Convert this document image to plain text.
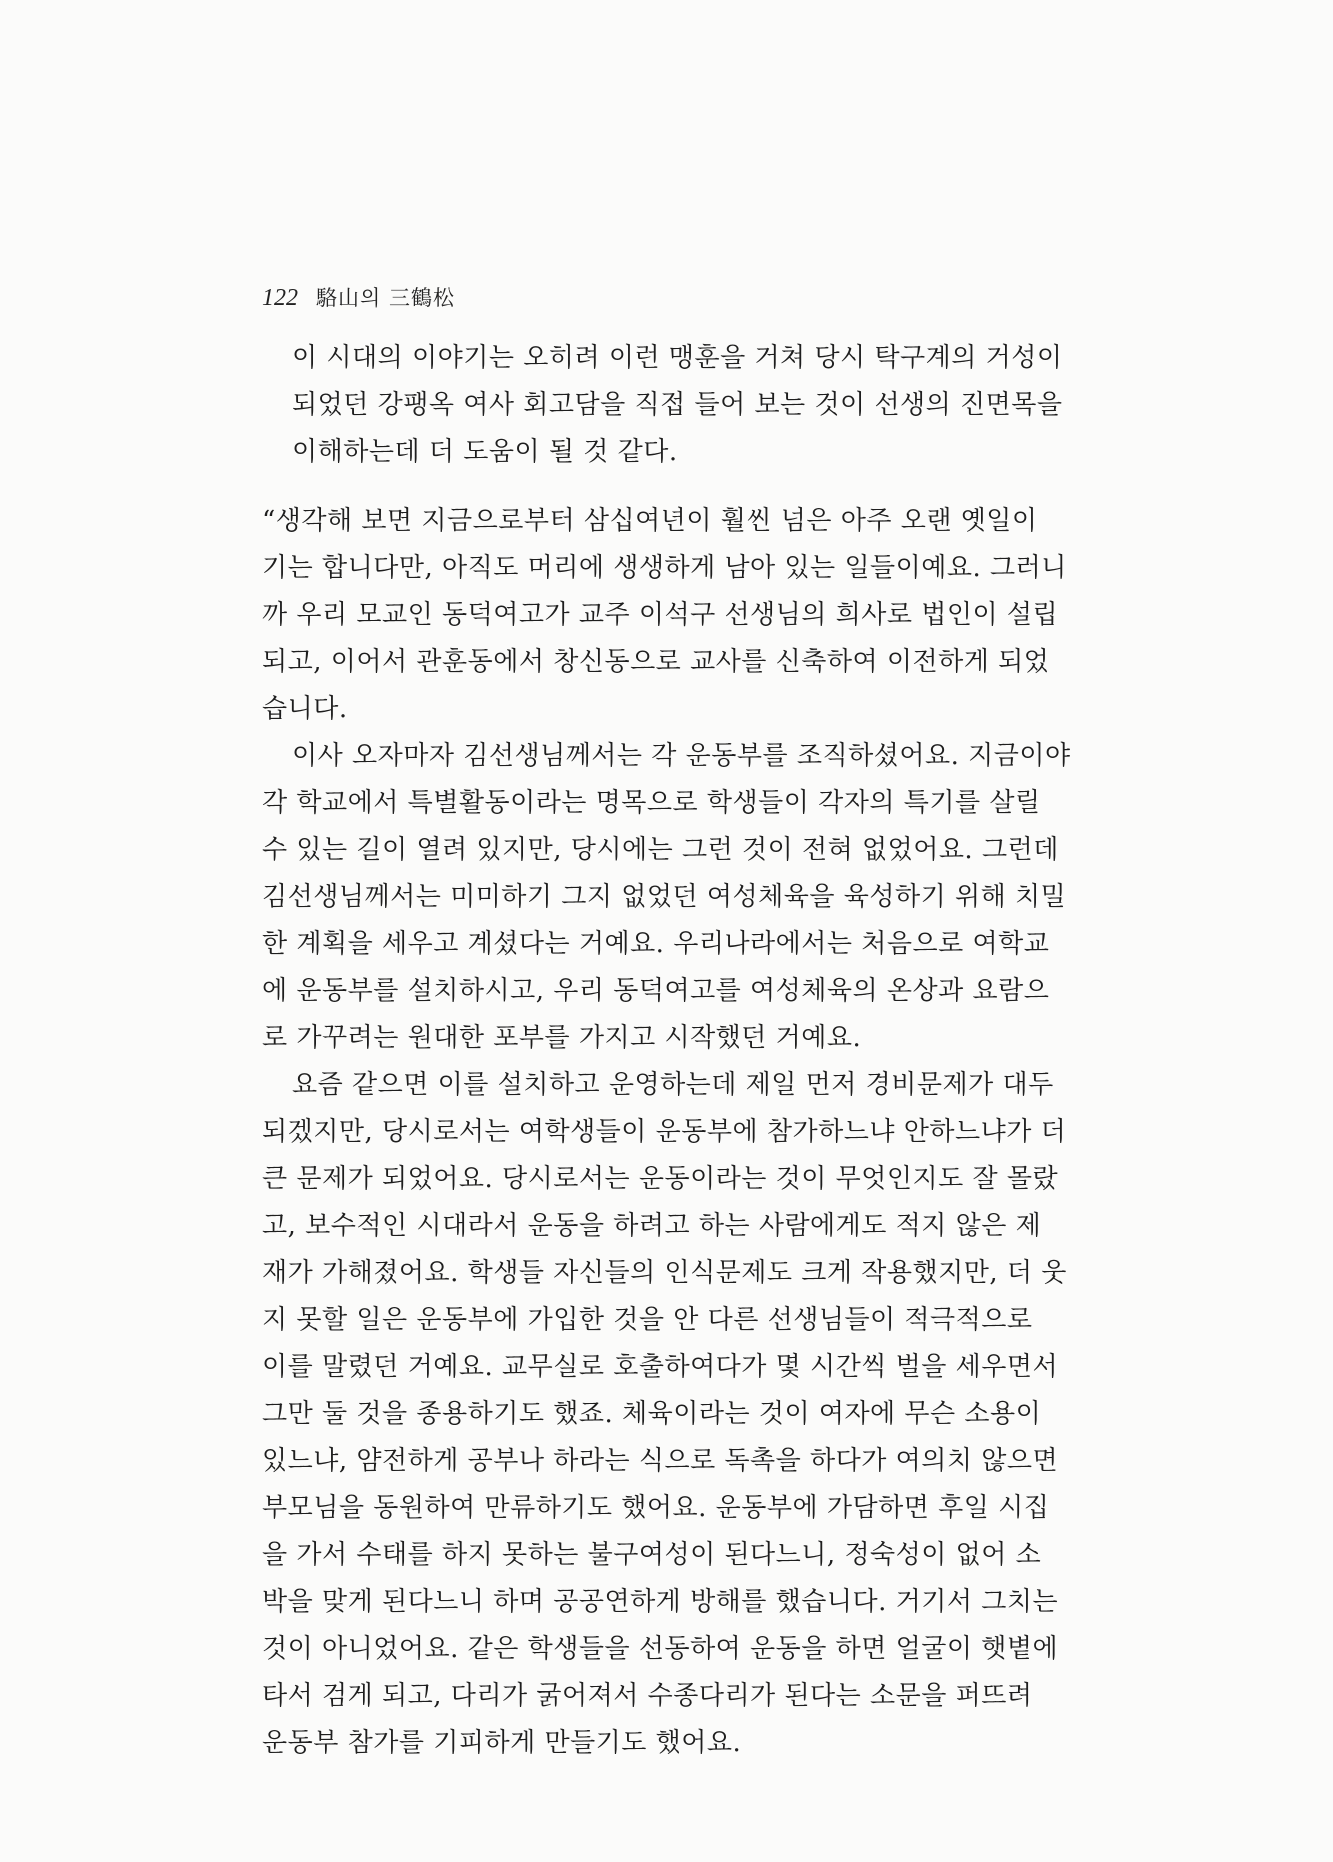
122 駱山의 三鶴松

이 시대의 이야기는 오히려 이런 맹훈을 거쳐 당시 탁구계의 거성이
되었던 강팽옥 여사 회고담을 직접 들어 보는 것이 선생의 진면목을
이해하는데 더 도움이 될 것 같다.

“생각해 보면 지금으로부터 삼십여년이 훨씬 넘은 아주 오랜 옛일이
기는 합니다만, 아직도 머리에 생생하게 남아 있는 일들이예요. 그러니
까 우리 모교인 동덕여고가 교주 이석구 선생님의 희사로 법인이 설립
되고, 이어서 관훈동에서 창신동으로 교사를 신축하여 이전하게 되었
습니다.

이사 오자마자 김선생님께서는 각 운동부를 조직하셨어요. 지금이야
각 학교에서 특별활동이라는 명목으로 학생들이 각자의 특기를 살릴
수 있는 길이 열려 있지만, 당시에는 그런 것이 전혀 없었어요. 그런데
김선생님께서는 미미하기 그지 없었던 여성체육을 육성하기 위해 치밀
한 계획을 세우고 계셨다는 거예요. 우리나라에서는 처음으로 여학교
에 운동부를 설치하시고, 우리 동덕여고를 여성체육의 온상과 요람으
로 가꾸려는 원대한 포부를 가지고 시작했던 거예요.

요즘 같으면 이를 설치하고 운영하는데 제일 먼저 경비문제가 대두
되겠지만, 당시로서는 여학생들이 운동부에 참가하느냐 안하느냐가 더
큰 문제가 되었어요. 당시로서는 운동이라는 것이 무엇인지도 잘 몰랐
고, 보수적인 시대라서 운동을 하려고 하는 사람에게도 적지 않은 제
재가 가해졌어요. 학생들 자신들의 인식문제도 크게 작용했지만, 더 웃
지 못할 일은 운동부에 가입한 것을 안 다른 선생님들이 적극적으로
이를 말렸던 거예요. 교무실로 호출하여다가 몇 시간씩 벌을 세우면서
그만 둘 것을 종용하기도 했죠. 체육이라는 것이 여자에 무슨 소용이
있느냐, 얌전하게 공부나 하라는 식으로 독촉을 하다가 여의치 않으면
부모님을 동원하여 만류하기도 했어요. 운동부에 가담하면 후일 시집
을 가서 수태를 하지 못하는 불구여성이 된다느니, 정숙성이 없어 소
박을 맞게 된다느니 하며 공공연하게 방해를 했습니다. 거기서 그치는
것이 아니었어요. 같은 학생들을 선동하여 운동을 하면 얼굴이 햇볕에
타서 검게 되고, 다리가 굵어져서 수종다리가 된다는 소문을 퍼뜨려
운동부 참가를 기피하게 만들기도 했어요.
